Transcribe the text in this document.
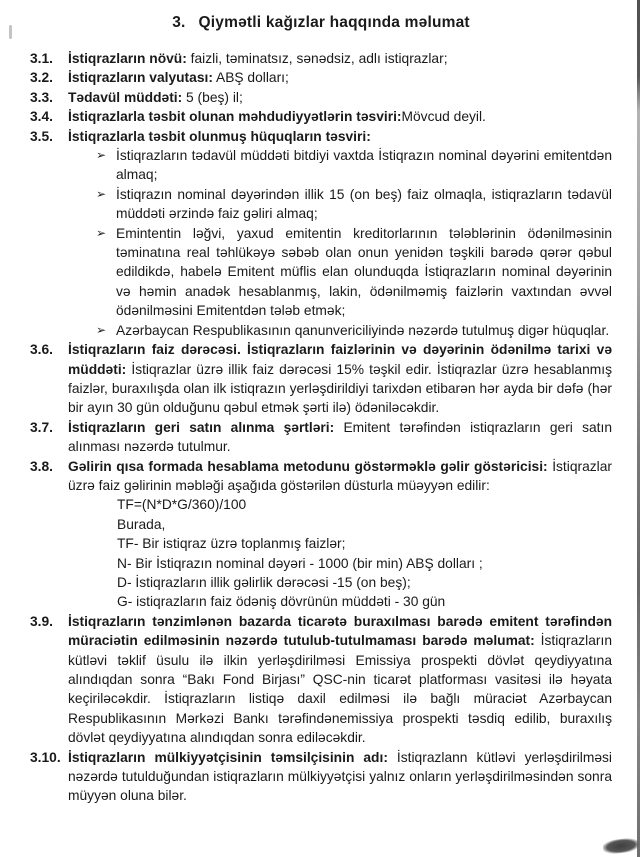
3. Qiymətli kağızlar haqqında məlumat
3.1.	İstiqrazların növü: faizli, təminatsız, sənədsiz, adlı istiqrazlar;

3.2.	İstiqrazların valyutası: ABŞ dolları;

3.3.	Tədavül müddəti: 5 (beş) il;

3.4.	İstiqrazlarla təsbit olunan məhdudiyyətlərin təsviri:Mövcud deyil.

3.5.	İstiqrazlarla təsbit olunmuş hüquqların təsviri:
➢ İstiqrazların tədavül müddəti bitdiyi vaxtda İstiqrazın nominal dəyərini emitentdən almaq;
➢ İstiqrazın nominal dəyərindən illik 15 (on beş) faiz olmaqla, istiqrazların tədavül müddəti ərzində faiz gəliri almaq;
➢ Emintentin ləğvi, yaxud emitentin kreditorlarının tələblərinin ödənilməsinin təminatına real təhlükəyə səbəb olan onun yenidən təşkili barədə qərər qəbul edildikdə, habelə Emitent müflis elan olunduqda İstiqrazların nominal dəyərinin və həmin anadək hesablanmış, lakin, ödənilməmiş faizlərin vaxtından əvvəl ödənilməsini Emitentdən tələb etmək;
➢ Azərbaycan Respublikasının qanunvericiliyində nəzərdə tutulmuş digər hüquqlar.
3.6.	İstiqrazların faiz dərəcəsi. İstiqrazların faizlərinin və dəyərinin ödənilmə tarixi və müddəti: İstiqrazlar üzrə illik faiz dərəcəsi 15% təşkil edir. İstiqrazlar üzrə hesablanmış faizlər, buraxılışda olan ilk istiqrazın yerləşdirildiyi tarixdən etibarən hər ayda bir dəfə (hər bir ayın 30 gün olduğunu qəbul etmək şərti ilə) ödəniləcəkdir.

3.7.	İstiqrazların geri satın alınma şərtləri: Emitent tərəfindən istiqrazların geri satın alınması nəzərdə tutulmur.

3.8.	Gəlirin qısa formada hesablama metodunu göstərməklə gəlir göstəricisi: İstiqrazlar üzrə faiz gəlirinin məbləği aşağıda göstərilən düsturla müəyyən edilir:
TF=(N*D*G/360)/100
Burada,
TF- Bir istiqraz üzrə toplanmış faizlər;
N- Bir İstiqrazın nominal dəyəri - 1000 (bir min) ABŞ dolları ;
D- İstiqrazların illik gəlirlik dərəcəsi -15 (on beş);
G- istiqrazların faiz ödəniş dövrünün müddəti - 30 gün
3.9.	İstiqrazların tənzimlənən bazarda ticarətə buraxılması barədə emitent tərəfindən müraciətin edilməsinin nəzərdə tutulub-tutulmaması barədə məlumat: İstiqrazların kütləvi təklif üsulu ilə ilkin yerləşdirilməsi Emissiya prospekti dövlət qeydiyyatına alındıqdan sonra “Bakı Fond Birjası” QSC-nin ticarət platforması vasitəsi ilə həyata keçiriləcəkdir. İstiqrazların listiqə daxil edilməsi ilə bağlı müraciət Azərbaycan Respublikasının Mərkəzi Bankı tərəfindənemissiya prospekti təsdiq edilib, buraxılış dövlət qeydiyyatına alındıqdan sonra ediləcəkdir.

3.10. İstiqrazların mülkiyyətçisinin təmsilçisinin adı: İstiqrazlann kütləvi yerləşdirilməsi nəzərdə tutulduğundan istiqrazların mülkiyyətçisi yalnız onların yerləşdirilməsindən sonra müyyən oluna bilər.
